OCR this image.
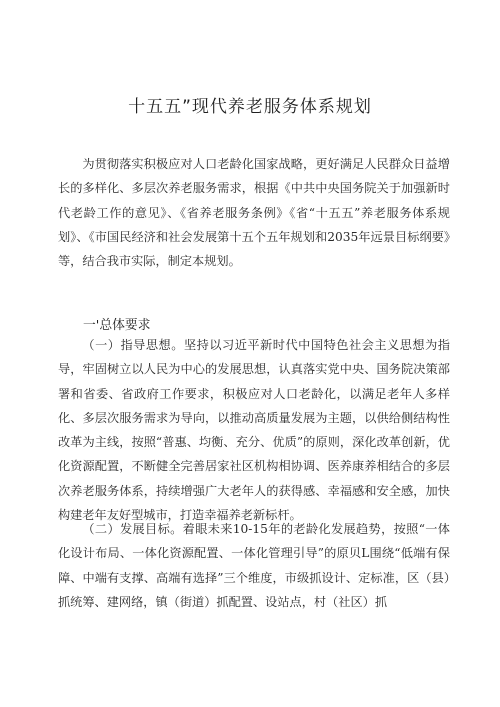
十五五”现代养老服务体系规划

为贯彻落实积极应对人口老龄化国家战略，更好满足人民群众日益增长的多样化、多层次养老服务需求，根据《中共中央国务院关于加强新时代老龄工作的意见》、《省养老服务条例》《省“十五五”养老服务体系规划》、《市国民经济和社会发展第十五个五年规划和2035年远景目标纲要》等，结合我市实际，制定本规划。

一'总体要求

（一）指导思想。坚持以习近平新时代中国特色社会主义思想为指导，牢固树立以人民为中心的发展思想，认真落实党中央、国务院决策部署和省委、省政府工作要求，积极应对人口老龄化，以满足老年人多样化、多层次服务需求为导向，以推动高质量发展为主题，以供给侧结构性改革为主线，按照“普惠、均衡、充分、优质”的原则，深化改革创新，优化资源配置，不断健全完善居家社区机构相协调、医养康养相结合的多层次养老服务体系，持续增强广大老年人的获得感、幸福感和安全感，加快构建老年友好型城市，打造幸福养老新标杆。

（二）发展目标。着眼未来10-15年的老龄化发展趋势，按照“一体化设计布局、一体化资源配置、一体化管理引导”的原贝L围绕“低端有保障、中端有支撑、高端有选择”三个维度，市级抓设计、定标准，区（县）抓统筹、建网络，镇（街道）抓配置、设站点，村（社区）抓
